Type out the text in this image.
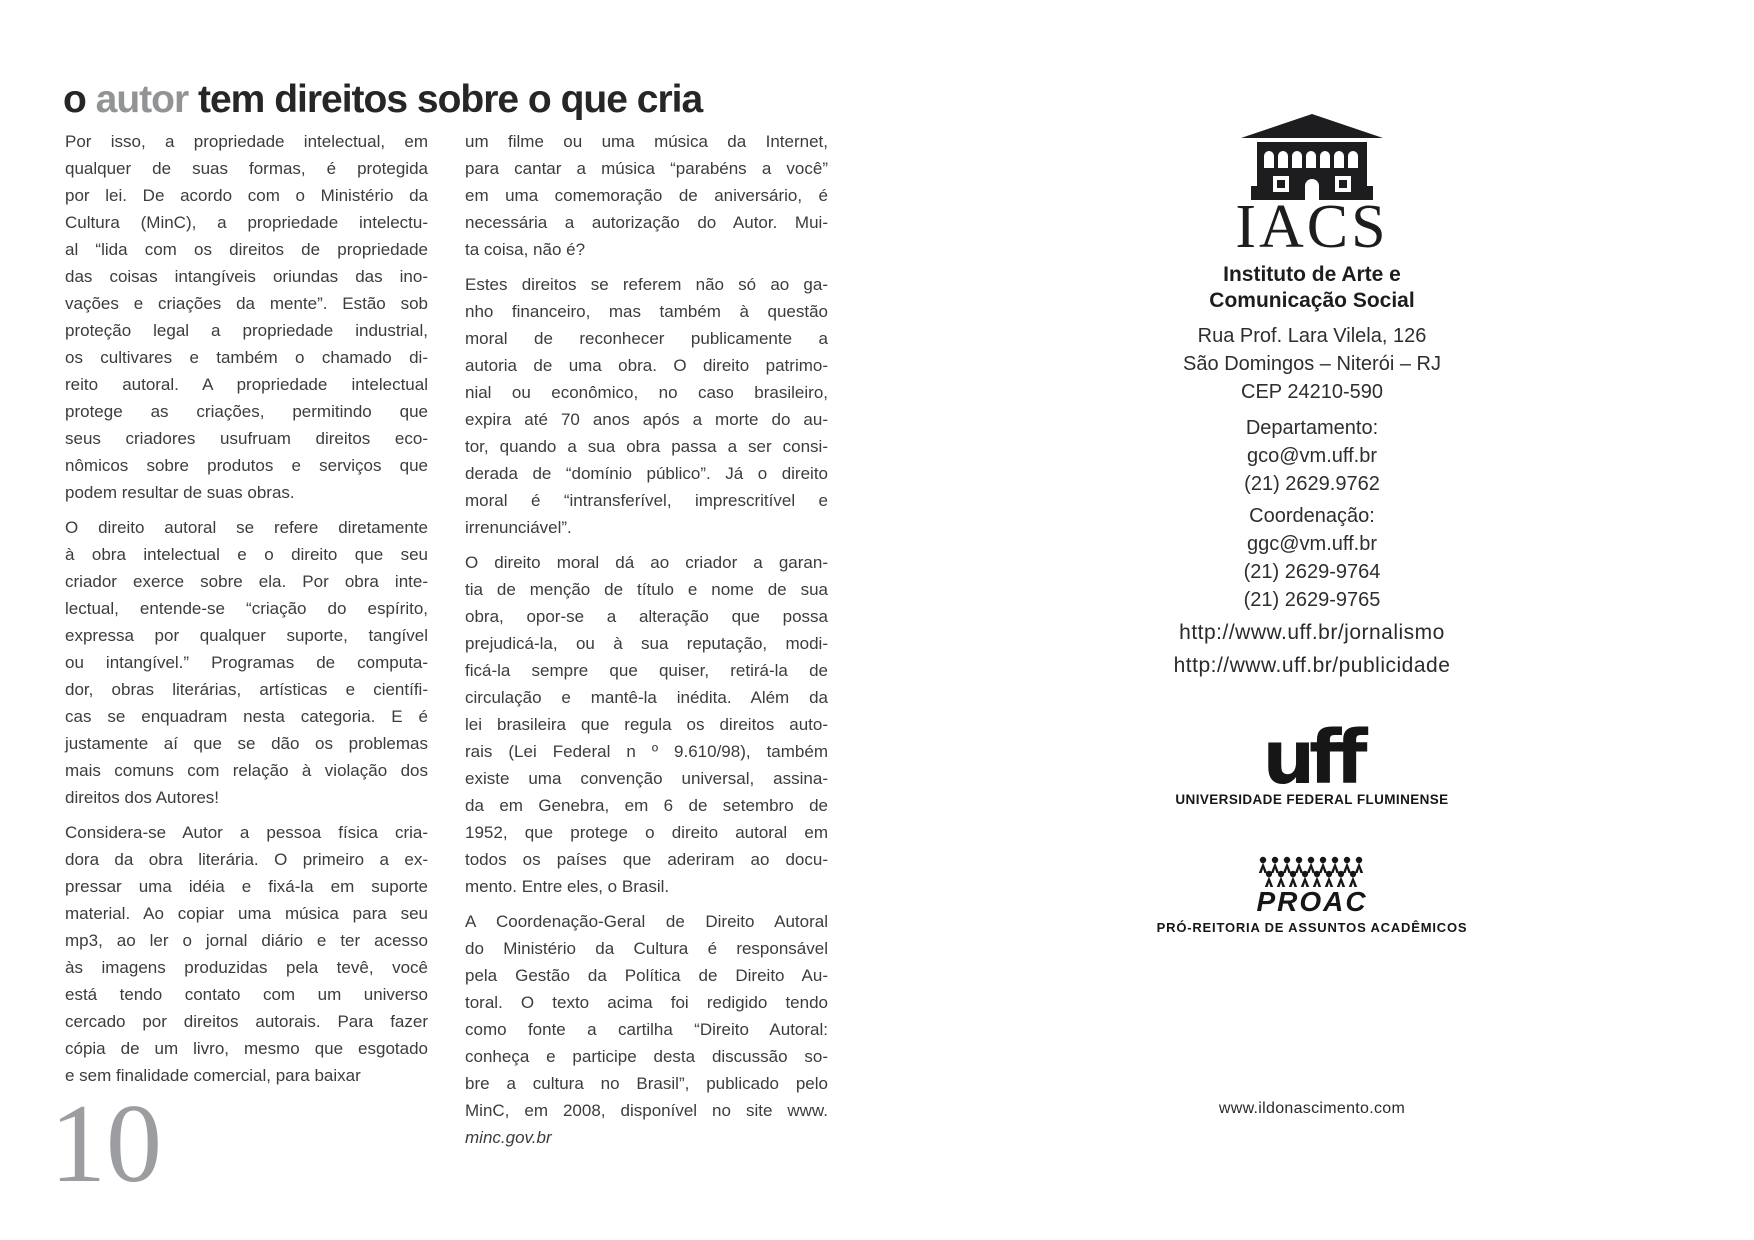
o autor tem direitos sobre o que cria
Por isso, a propriedade intelectual, em
qualquer de suas formas, é protegida
por lei. De acordo com o Ministério da
Cultura (MinC), a propriedade intelectu-
al “lida com os direitos de propriedade
das coisas intangíveis oriundas das ino-
vações e criações da mente”. Estão sob
proteção legal a propriedade industrial,
os cultivares e também o chamado di-
reito autoral. A propriedade intelectual
protege as criações, permitindo que
seus criadores usufruam direitos eco-
nômicos sobre produtos e serviços que
podem resultar de suas obras.
O direito autoral se refere diretamente
à obra intelectual e o direito que seu
criador exerce sobre ela. Por obra inte-
lectual, entende-se “criação do espírito,
expressa por qualquer suporte, tangível
ou intangível.” Programas de computa-
dor, obras literárias, artísticas e científi-
cas se enquadram nesta categoria. E é
justamente aí que se dão os problemas
mais comuns com relação à violação dos
direitos dos Autores!
Considera-se Autor a pessoa física cria-
dora da obra literária. O primeiro a ex-
pressar uma idéia e fixá-la em suporte
material. Ao copiar uma música para seu
mp3, ao ler o jornal diário e ter acesso
às imagens produzidas pela tevê, você
está tendo contato com um universo
cercado por direitos autorais. Para fazer
cópia de um livro, mesmo que esgotado
e sem finalidade comercial, para baixar
um filme ou uma música da Internet,
para cantar a música “parabéns a você”
em uma comemoração de aniversário, é
necessária a autorização do Autor. Mui-
ta coisa, não é?
Estes direitos se referem não só ao ga-
nho financeiro, mas também à questão
moral de reconhecer publicamente a
autoria de uma obra. O direito patrimo-
nial ou econômico, no caso brasileiro,
expira até 70 anos após a morte do au-
tor, quando a sua obra passa a ser consi-
derada de “domínio público”. Já o direito
moral é “intransferível, imprescritível e
irrenunciável”.
O direito moral dá ao criador a garan-
tia de menção de título e nome de sua
obra, opor-se a alteração que possa
prejudicá-la, ou à sua reputação, modi-
ficá-la sempre que quiser, retirá-la de
circulação e mantê-la inédita. Além da
lei brasileira que regula os direitos auto-
rais (Lei Federal n º 9.610/98), também
existe uma convenção universal, assina-
da em Genebra, em 6 de setembro de
1952, que protege o direito autoral em
todos os países que aderiram ao docu-
mento. Entre eles, o Brasil.
A Coordenação-Geral de Direito Autoral
do Ministério da Cultura é responsável
pela Gestão da Política de Direito Au-
toral. O texto acima foi redigido tendo
como fonte a cartilha “Direito Autoral:
conheça e participe desta discussão so-
bre a cultura no Brasil”, publicado pelo
MinC, em 2008, disponível no site www.
minc.gov.br
IACS
Instituto de Arte e
Comunicação Social
Rua Prof. Lara Vilela, 126
São Domingos – Niterói – RJ
CEP 24210-590
Departamento:
gco@vm.uff.br
(21) 2629.9762
Coordenação:
ggc@vm.uff.br
(21) 2629-9764
(21) 2629-9765
http://www.uff.br/jornalismo
http://www.uff.br/publicidade
uff
UNIVERSIDADE FEDERAL FLUMINENSE
PROAC
PRÓ-REITORIA DE ASSUNTOS ACADÊMICOS
www.ildonascimento.com
10
